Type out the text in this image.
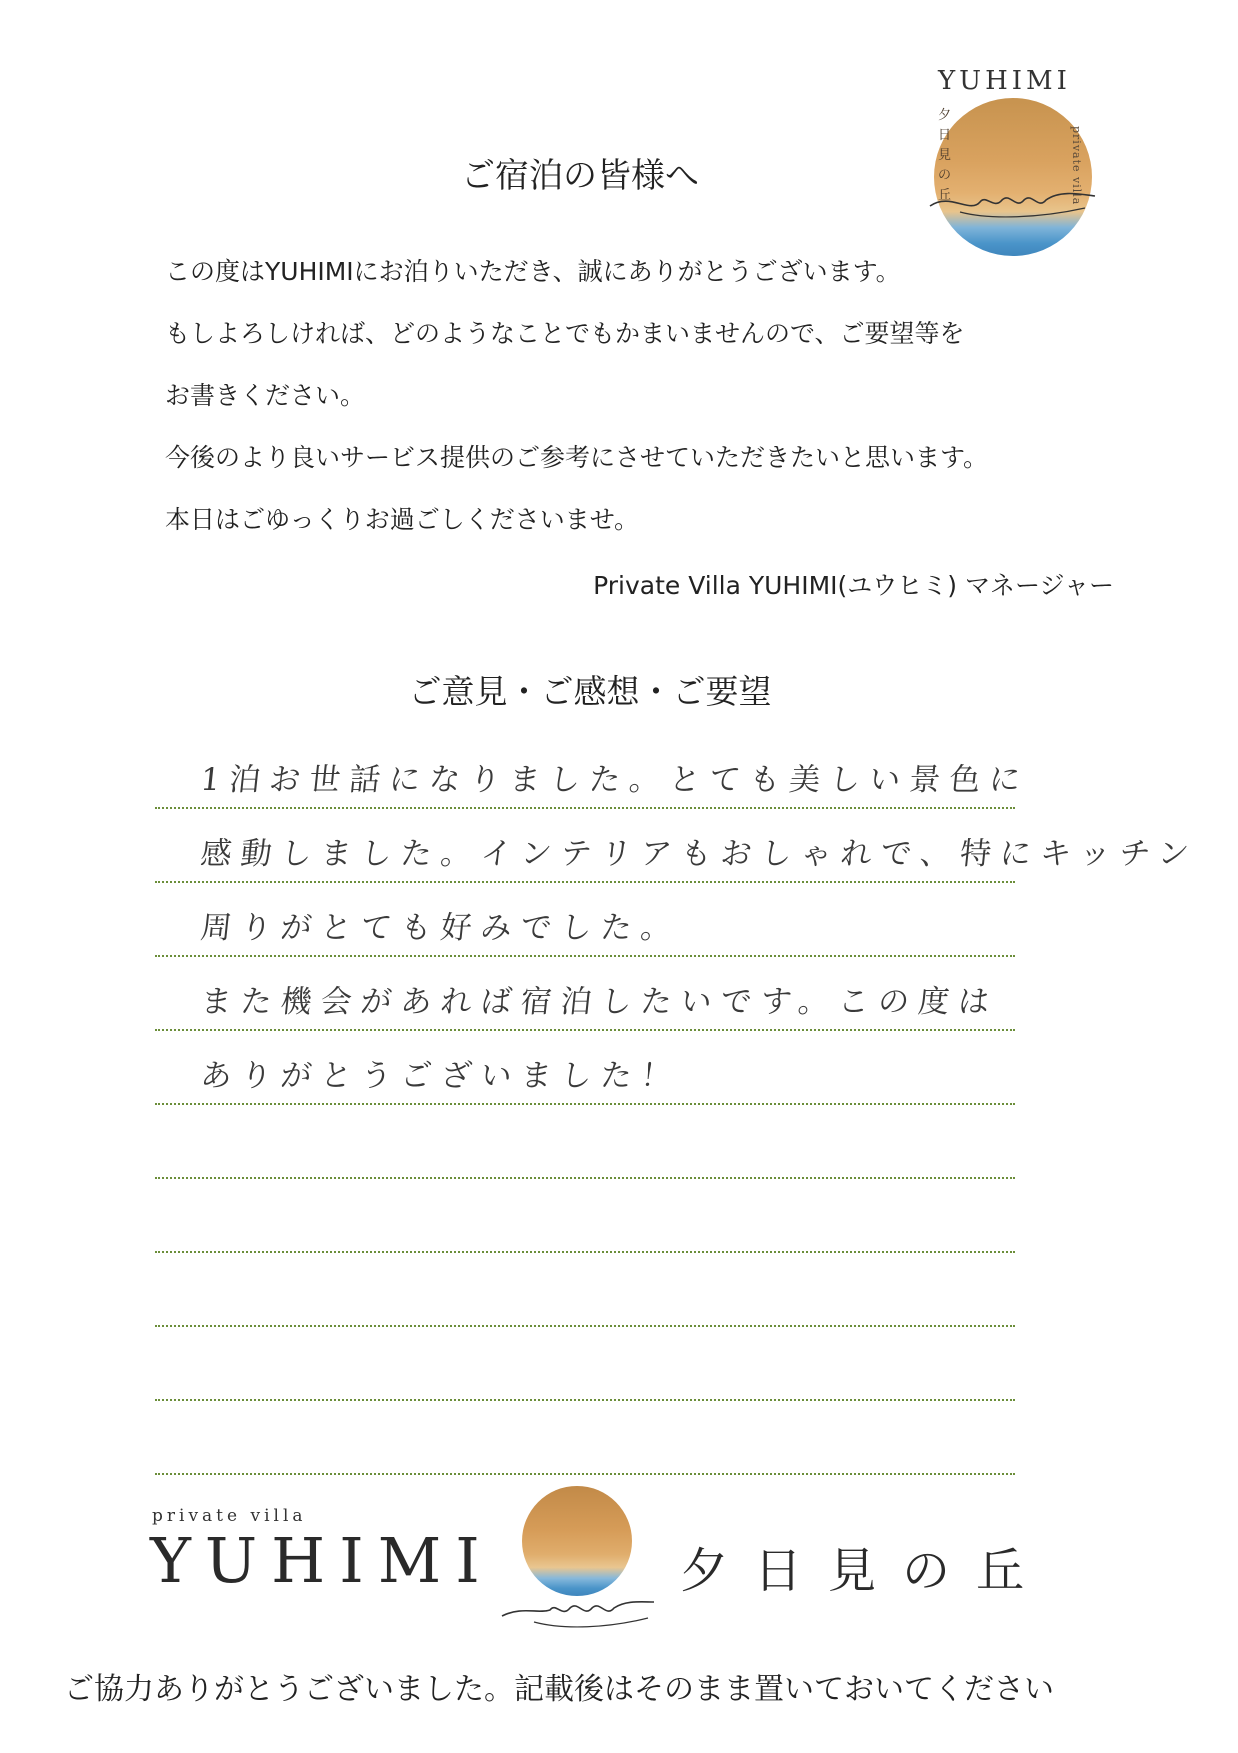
YUHIMI
夕日見の丘	private villa
ご宿泊の皆様へ
この度はYUHIMIにお泊りいただき、誠にありがとうございます。
もしよろしければ、どのようなことでもかまいませんので、ご要望等を
お書きください。
今後のより良いサービス提供のご参考にさせていただきたいと思います。
本日はごゆっくりお過ごしくださいませ。
Private Villa YUHIMI(ユウヒミ) マネージャー
ご意見・ご感想・ご要望
1泊お世話になりました。とても美しい景色に
感動しました。インテリアもおしゃれで、特にキッチン
周りがとても好みでした。
また機会があれば宿泊したいです。この度は
ありがとうございました！
private villa
YUHIMI	夕日見の丘
ご協力ありがとうございました。記載後はそのまま置いておいてください
